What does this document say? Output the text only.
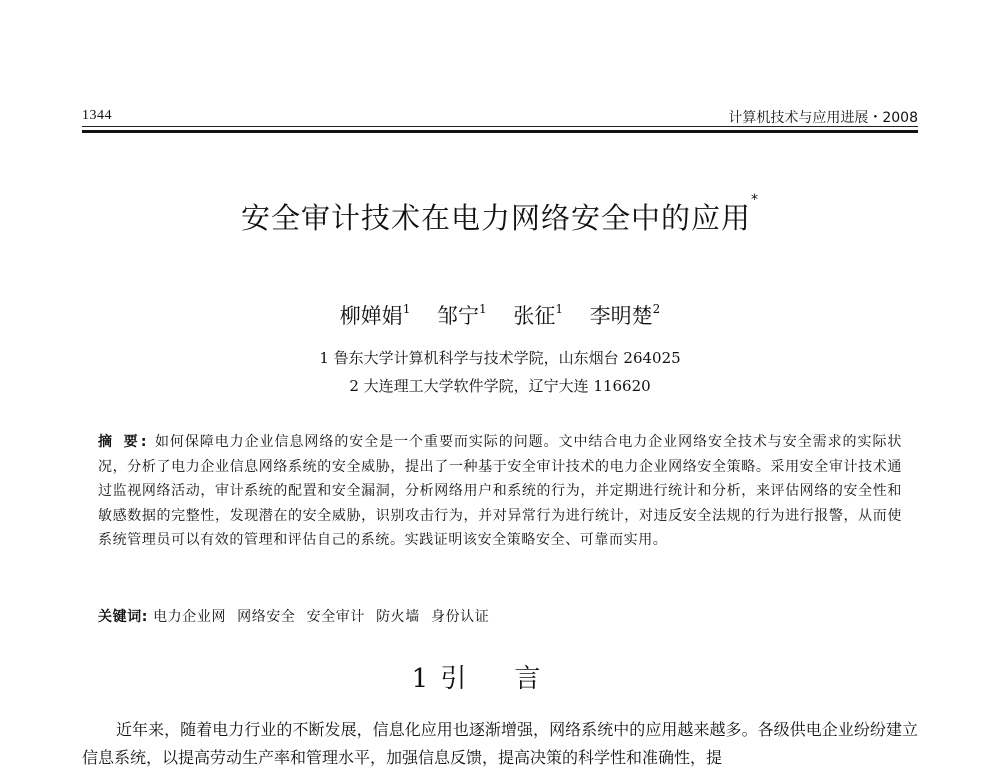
1344	计算机技术与应用进展・2008
安全审计技术在电力网络安全中的应用*
柳婵娟$^1$ 邹宁$^1$ 张征$^1$ 李明楚$^2$
1 鲁东大学计算机科学与技术学院，山东烟台 264025
2 大连理工大学软件学院，辽宁大连 116620
摘 要: 如何保障电力企业信息网络的安全是一个重要而实际的问题。文中结合电力企业网络安全技术与安全需求的实际状况，分析了电力企业信息网络系统的安全威胁，提出了一种基于安全审计技术的电力企业网络安全策略。采用安全审计技术通过监视网络活动，审计系统的配置和安全漏洞，分析网络用户和系统的行为，并定期进行统计和分析，来评估网络的安全性和敏感数据的完整性，发现潜在的安全威胁，识别攻击行为，并对异常行为进行统计，对违反安全法规的行为进行报警，从而使系统管理员可以有效的管理和评估自己的系统。实践证明该安全策略安全、可靠而实用。
关键词: 电力企业网 网络安全 安全审计 防火墙 身份认证
1 引言
近年来，随着电力行业的不断发展，信息化应用也逐渐增强，网络系统中的应用越来越多。各级供电企业纷纷建立信息系统，以提高劳动生产率和管理水平，加强信息反馈，提高决策的科学性和准确性，提
